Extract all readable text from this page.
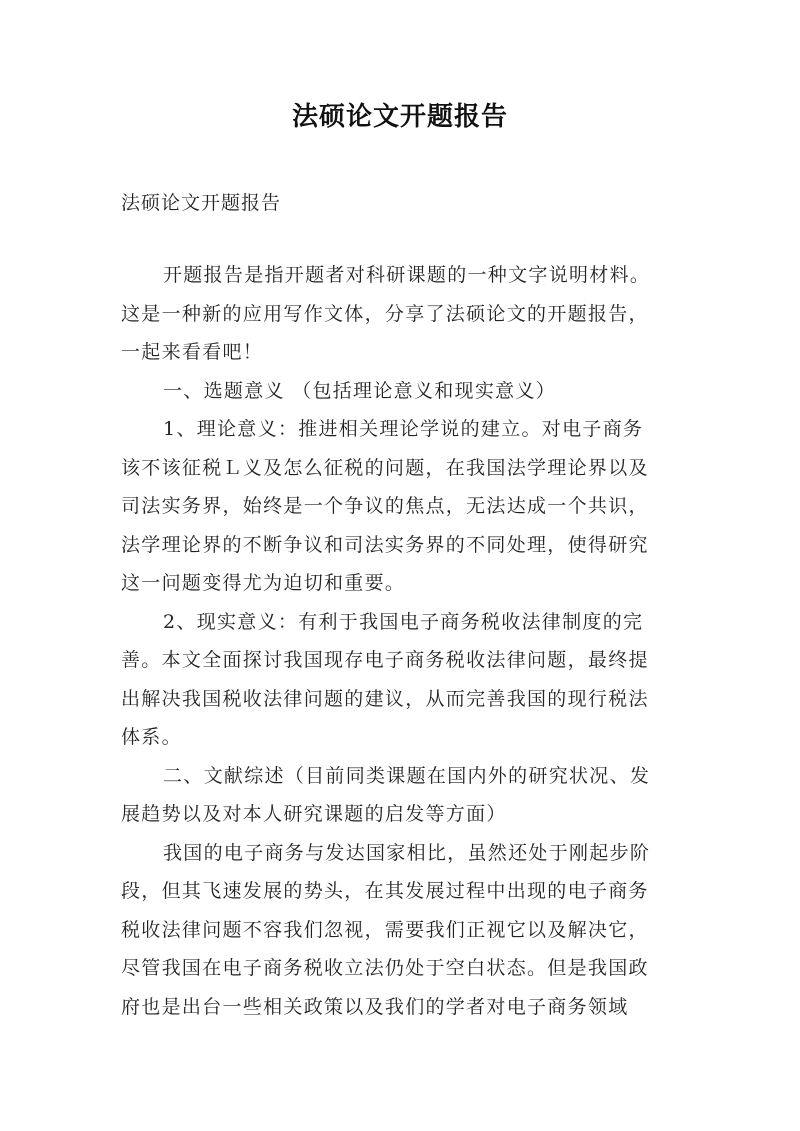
法硕论文开题报告
法硕论文开题报告
开题报告是指开题者对科研课题的一种文字说明材料。
这是一种新的应用写作文体，分享了法硕论文的开题报告，
一起来看看吧！
一、选题意义 （包括理论意义和现实意义）
1、理论意义：推进相关理论学说的建立。对电子商务
该不该征税Ｌ义及怎么征税的问题，在我国法学理论界以及
司法实务界，始终是一个争议的焦点，无法达成一个共识，
法学理论界的不断争议和司法实务界的不同处理，使得研究
这一问题变得尤为迫切和重要。
2、现实意义：有利于我国电子商务税收法律制度的完
善。本文全面探讨我国现存电子商务税收法律问题，最终提
出解决我国税收法律问题的建议，从而完善我国的现行税法
体系。
二、文献综述（目前同类课题在国内外的研究状况、发
展趋势以及对本人研究课题的启发等方面）
我国的电子商务与发达国家相比，虽然还处于刚起步阶
段，但其飞速发展的势头，在其发展过程中出现的电子商务
税收法律问题不容我们忽视，需要我们正视它以及解决它，
尽管我国在电子商务税收立法仍处于空白状态。但是我国政
府也是出台一些相关政策以及我们的学者对电子商务领域
